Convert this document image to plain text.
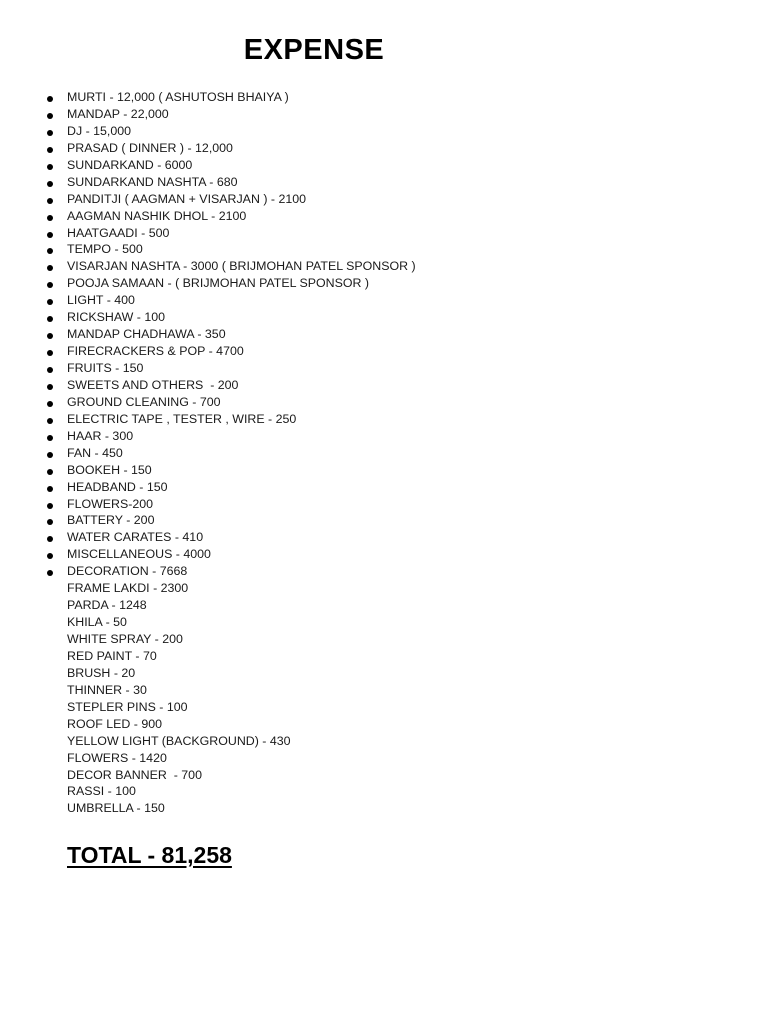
EXPENSE
MURTI - 12,000 ( ASHUTOSH BHAIYA )
MANDAP - 22,000
DJ - 15,000
PRASAD ( DINNER ) - 12,000
SUNDARKAND - 6000
SUNDARKAND NASHTA - 680
PANDITJI ( AAGMAN + VISARJAN ) - 2100
AAGMAN NASHIK DHOL - 2100
HAATGAADI - 500
TEMPO - 500
VISARJAN NASHTA - 3000 ( BRIJMOHAN PATEL SPONSOR )
POOJA SAMAAN - ( BRIJMOHAN PATEL SPONSOR )
LIGHT - 400
RICKSHAW - 100
MANDAP CHADHAWA - 350
FIRECRACKERS & POP - 4700
FRUITS - 150
SWEETS AND OTHERS  - 200
GROUND CLEANING - 700
ELECTRIC TAPE , TESTER , WIRE - 250
HAAR - 300
FAN - 450
BOOKEH - 150
HEADBAND - 150
FLOWERS-200
BATTERY - 200
WATER CARATES - 410
MISCELLANEOUS - 4000
DECORATION - 7668
FRAME LAKDI - 2300
PARDA - 1248
KHILA - 50
WHITE SPRAY - 200
RED PAINT - 70
BRUSH - 20
THINNER - 30
STEPLER PINS - 100
ROOF LED - 900
YELLOW LIGHT (BACKGROUND) - 430
FLOWERS - 1420
DECOR BANNER  - 700
RASSI - 100
UMBRELLA - 150
TOTAL - 81,258
